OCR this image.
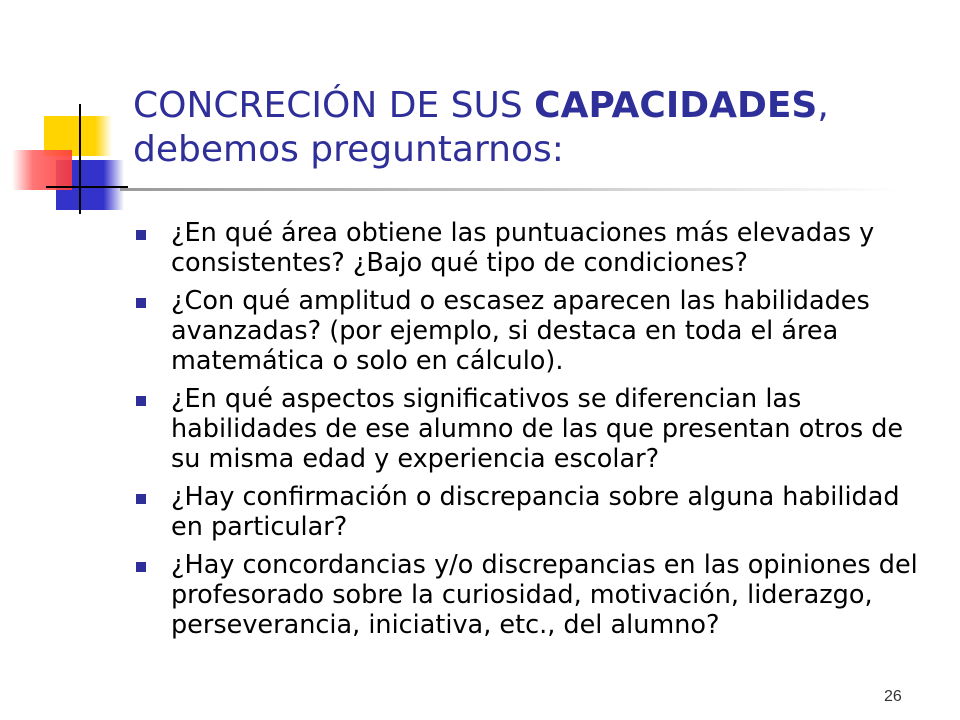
CONCRECIÓN DE SUS CAPACIDADES,
debemos preguntarnos:
¿En qué área obtiene las puntuaciones más elevadas y consistentes? ¿Bajo qué tipo de condiciones?
¿Con qué amplitud o escasez aparecen las habilidades avanzadas? (por ejemplo, si destaca en toda el área matemática o solo en cálculo).
¿En qué aspectos significativos se diferencian las habilidades de ese alumno de las que presentan otros de su misma edad y experiencia escolar?
¿Hay confirmación o discrepancia sobre alguna habilidad en particular?
¿Hay concordancias y/o discrepancias en las opiniones del profesorado sobre la curiosidad, motivación, liderazgo, perseverancia, iniciativa, etc., del alumno?
26
